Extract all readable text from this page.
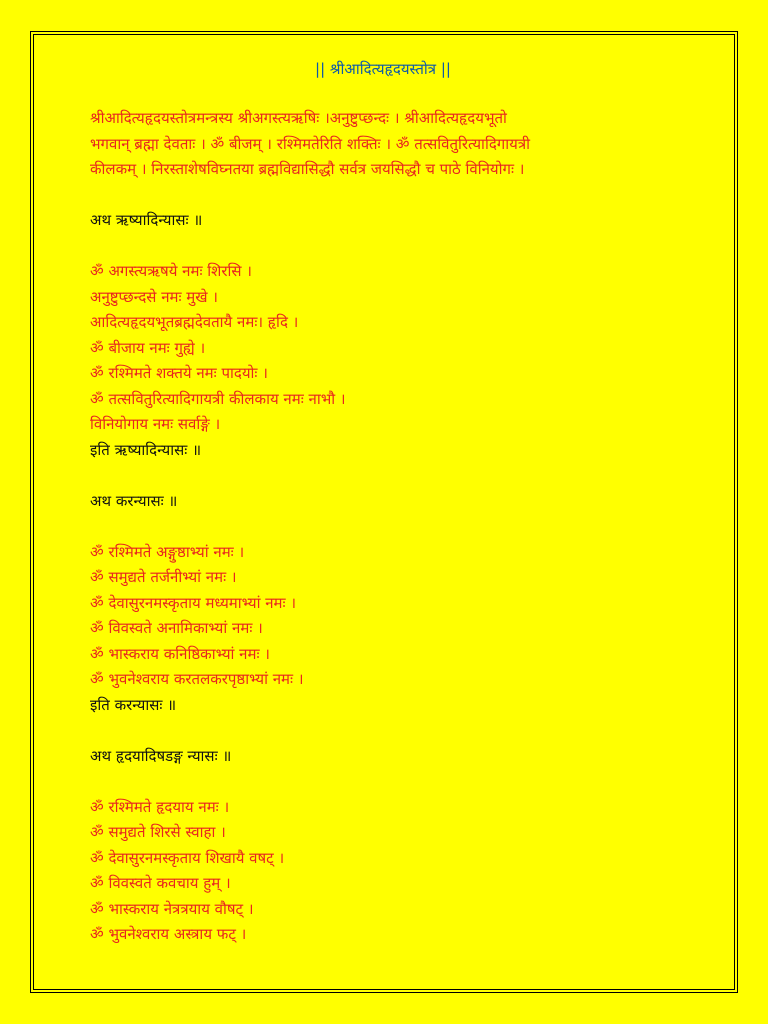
|| श्रीआदित्यहृदयस्तोत्र ||

श्रीआदित्यहृदयस्तोत्रमन्त्रस्य श्रीअगस्त्यऋषिः ।अनुष्टुप्छन्दः । श्रीआदित्यहृदयभूतो

भगवान् ब्रह्मा देवताः । ॐ बीजम् । रश्मिमतेरिति शक्तिः । ॐ तत्सवितुरित्यादिगायत्री

कीलकम् । निरस्ताशेषविघ्नतया ब्रह्मविद्यासिद्धौ सर्वत्र जयसिद्धौ च पाठे विनियोगः ।

अथ ऋष्यादिन्यासः ॥

ॐ अगस्त्यऋषये नमः शिरसि ।

अनुष्टुप्छन्दसे नमः मुखे ।

आदित्यहृदयभूतब्रह्मदेवतायै नमः। हृदि ।

ॐ बीजाय नमः गुह्ये ।

ॐ रश्मिमते शक्तये नमः पादयोः ।

ॐ तत्सवितुरित्यादिगायत्री कीलकाय नमः नाभौ ।

विनियोगाय नमः सर्वाङ्गे ।

इति ऋष्यादिन्यासः ॥

अथ करन्यासः ॥

ॐ रश्मिमते अङ्गुष्ठाभ्यां नमः ।

ॐ समुद्यते तर्जनीभ्यां नमः ।

ॐ देवासुरनमस्कृताय मध्यमाभ्यां नमः ।

ॐ विवस्वते अनामिकाभ्यां नमः ।

ॐ भास्कराय कनिष्ठिकाभ्यां नमः ।

ॐ भुवनेश्वराय करतलकरपृष्ठाभ्यां नमः ।

इति करन्यासः ॥

अथ हृदयादिषडङ्ग न्यासः ॥

ॐ रश्मिमते हृदयाय नमः ।

ॐ समुद्यते शिरसे स्वाहा ।

ॐ देवासुरनमस्कृताय शिखायै वषट् ।

ॐ विवस्वते कवचाय हुम् ।

ॐ भास्कराय नेत्रत्रयाय वौषट् ।

ॐ भुवनेश्वराय अस्त्राय फट् ।
